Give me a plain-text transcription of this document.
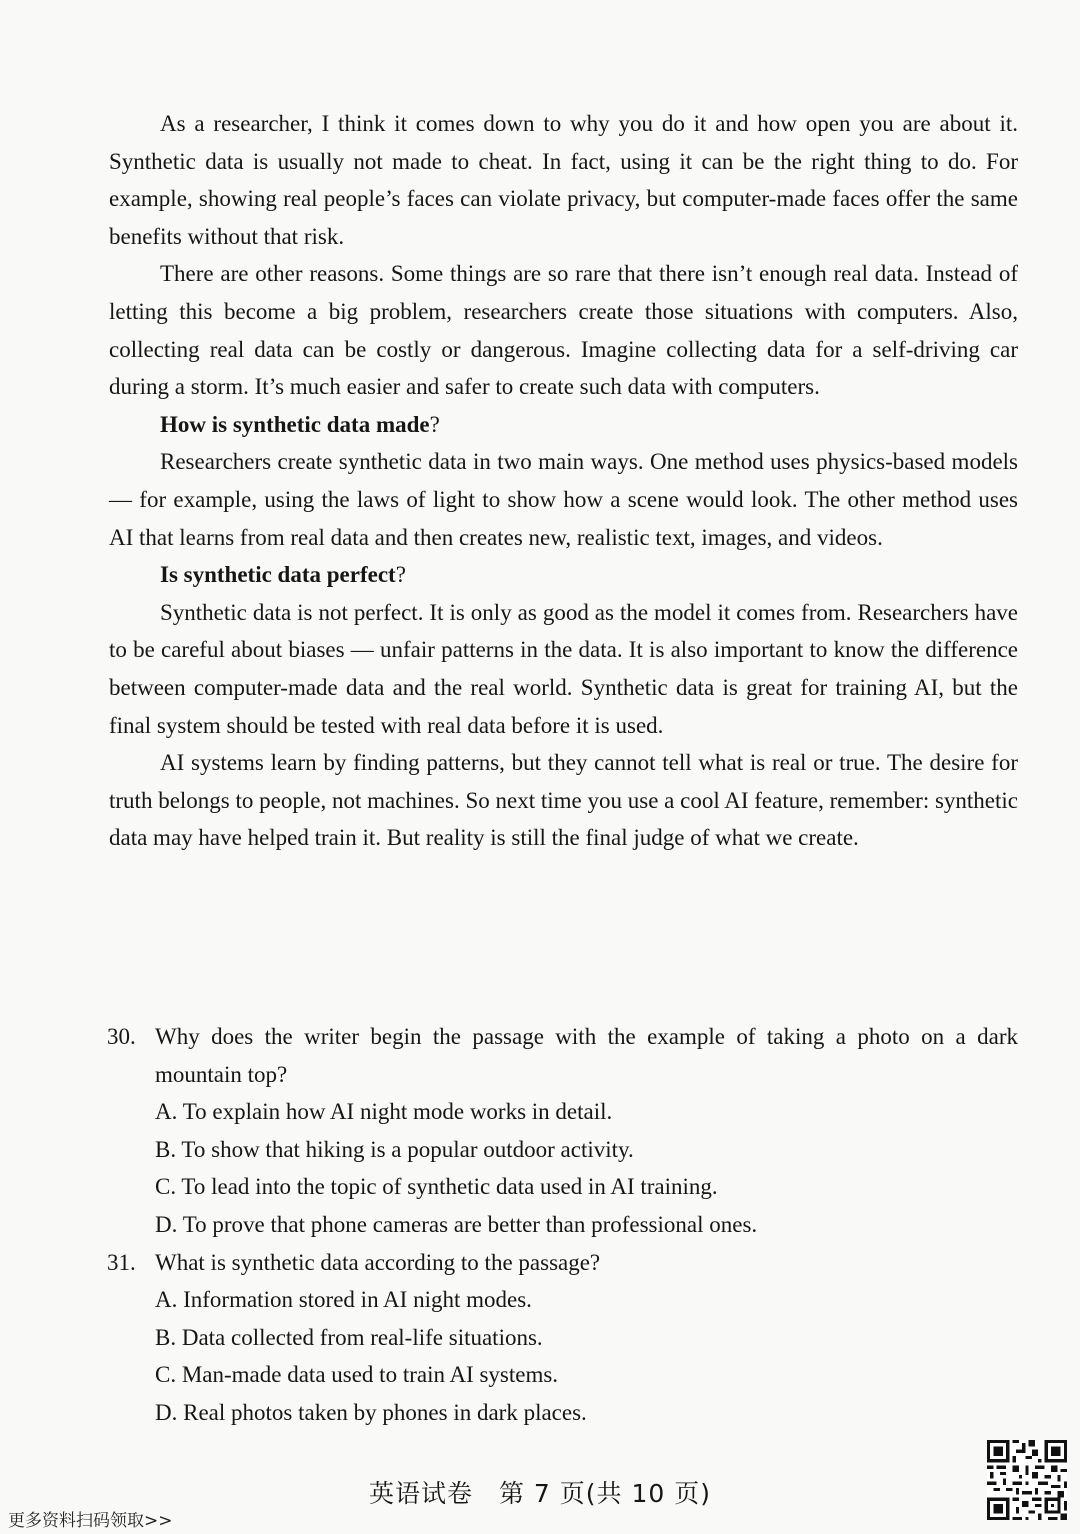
As a researcher, I think it comes down to why you do it and how open you are about it. Synthetic data is usually not made to cheat. In fact, using it can be the right thing to do. For example, showing real people’s faces can violate privacy, but computer-made faces offer the same benefits without that risk.

There are other reasons. Some things are so rare that there isn’t enough real data. Instead of letting this become a big problem, researchers create those situations with computers. Also, collecting real data can be costly or dangerous. Imagine collecting data for a self-driving car during a storm. It’s much easier and safer to create such data with computers.

How is synthetic data made?

Researchers create synthetic data in two main ways. One method uses physics-based models — for example, using the laws of light to show how a scene would look. The other method uses AI that learns from real data and then creates new, realistic text, images, and videos.

Is synthetic data perfect?

Synthetic data is not perfect. It is only as good as the model it comes from. Researchers have to be careful about biases — unfair patterns in the data. It is also important to know the difference between computer-made data and the real world. Synthetic data is great for training AI, but the final system should be tested with real data before it is used.

AI systems learn by finding patterns, but they cannot tell what is real or true. The desire for truth belongs to people, not machines. So next time you use a cool AI feature, remember: synthetic data may have helped train it. But reality is still the final judge of what we create.

30. Why does the writer begin the passage with the example of taking a photo on a dark mountain top?
A. To explain how AI night mode works in detail.
B. To show that hiking is a popular outdoor activity.
C. To lead into the topic of synthetic data used in AI training.
D. To prove that phone cameras are better than professional ones.
31. What is synthetic data according to the passage?
A. Information stored in AI night modes.
B. Data collected from real-life situations.
C. Man-made data used to train AI systems.
D. Real photos taken by phones in dark places.
英语试卷　第 7 页(共 10 页)
更多资料扫码领取>>
